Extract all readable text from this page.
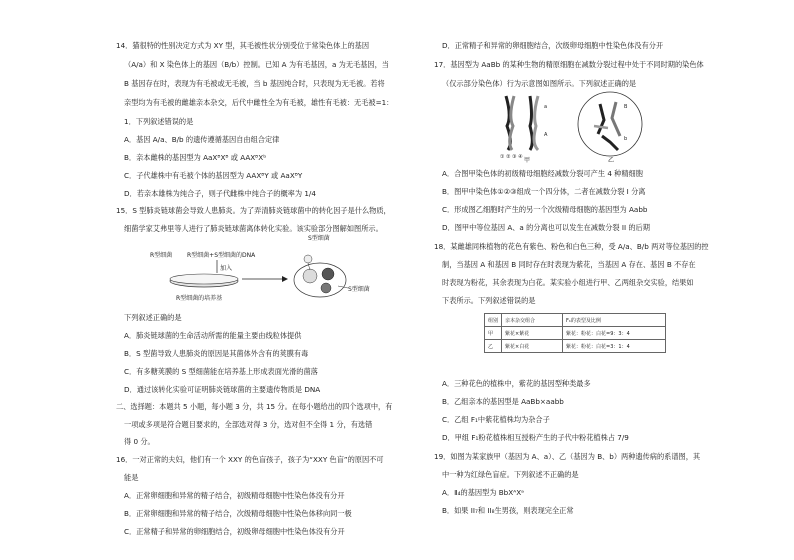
14．猫很特的性别决定方式为 XY 型，其毛被性状分别受位于常染色体上的基因
（A/a）和 X 染色体上的基因（B/b）控制。已知 A 为有毛基因，a 为无毛基因，当
B 基因存在时，表现为有毛被或无毛被，当 b 基因纯合时，只表现为无毛被。若将
亲型均为有毛被的雌雄亲本杂交，后代中雌性全为有毛被，雄性有毛被：无毛被=1：
1．下列叙述错误的是
A．基因 A/a、B/b 的遗传遵循基因自由组合定律
B．亲本雌株的基因型为 AaXᴮXᴮ 或 AAXᴮXᵇ
C．子代雄株中有毛被个体的基因型为 AAXᴮY 或 AaXᴮY
D．若亲本雄株为纯合子，则子代雌株中纯合子的概率为 1/4
15．S 型肺炎链球菌会导致人患肺炎。为了弄清肺炎链球菌中的转化因子是什么物质，
细菌学家艾弗里等人进行了肺炎链球菌离体转化实验。该实验部分图解如图所示。
R型细菌 R型细菌+S型细菌的DNA
加入
R型细菌的培养基
S型细菌
S型细菌
下列叙述正确的是
A．肺炎链球菌的生命活动所需的能量主要由线粒体提供
B．S 型菌导致人患肺炎的原因是其菌体外含有的荚膜有毒
C．有多糖荚膜的 S 型细菌能在培养基上形成表面光滑的菌落
D．通过该转化实验可证明肺炎链球菌的主要遗传物质是 DNA
二、选择题：本题共 5 小题，每小题 3 分，共 15 分。在每小题给出的四个选项中，有
一项或多项是符合题目要求的，全部选对得 3 分，选对但不全得 1 分，有选错
得 0 分。
16．一对正常的夫妇，他们有一个 XXY 的色盲孩子，孩子为“XXY 色盲”的原因不可
能是
A．正常卵细胞和异常的精子结合，初级精母细胞中性染色体没有分开
B．正常卵细胞和异常的精子结合，次级精母细胞中性染色体移向同一极
C．正常精子和异常的卵细胞结合，初级卵母细胞中性染色体没有分开
D．正常精子和异常的卵细胞结合，次级卵母细胞中性染色体没有分开
17．基因型为 AaBb 的某种生物的精原细胞在减数分裂过程中处于不同时期的染色体
（仅示部分染色体）行为示意图如图所示。下列叙述正确的是
a
A
① ② ③ ④
B
b
甲	乙
A．合图甲染色体的初级精母细胞经减数分裂可产生 4 种精细胞
B．图甲中染色体①②③组成一个四分体，二者在减数分裂 I 分离
C．形成图乙细胞时产生的另一个次级精母细胞的基因型为 Aabb
D．图甲中等位基因 A、a 的分离也可以发生在减数分裂 II 的后期
18．某雌雄同株植物的花色有紫色、粉色和白色三种，受 A/a、B/b 两对等位基因的控
制，当基因 A 和基因 B 同时存在时表现为紫花，当基因 A 存在、基因 B 不存在
时表现为粉花，其余表现为白花。某实验小组进行甲、乙两组杂交实验，结果如
下表所示。下列叙述错误的是
组别	亲本杂交组合	F₁的表型及比例
甲	紫花×紫花	紫花：粉花：白花=9：3：4
乙	紫花×白花	紫花：粉花：白花=3：1：4
A．三种花色的植株中，紫花的基因型种类最多
B．乙组亲本的基因型是 AaBb×aabb
C．乙组 F₁中紫花植株均为杂合子
D．甲组 F₁粉花植株相互授粉产生的子代中粉花植株占 7/9
19．如图为某家族甲（基因为 A、a）、乙（基因为 B、b）两种遗传病的系谱图，其
中一种为红绿色盲症。下列叙述不正确的是
A．Ⅱ₄的基因型为 BbXᴬXᵃ
B．如果 II₇和 II₈生男孩，则表现完全正常
